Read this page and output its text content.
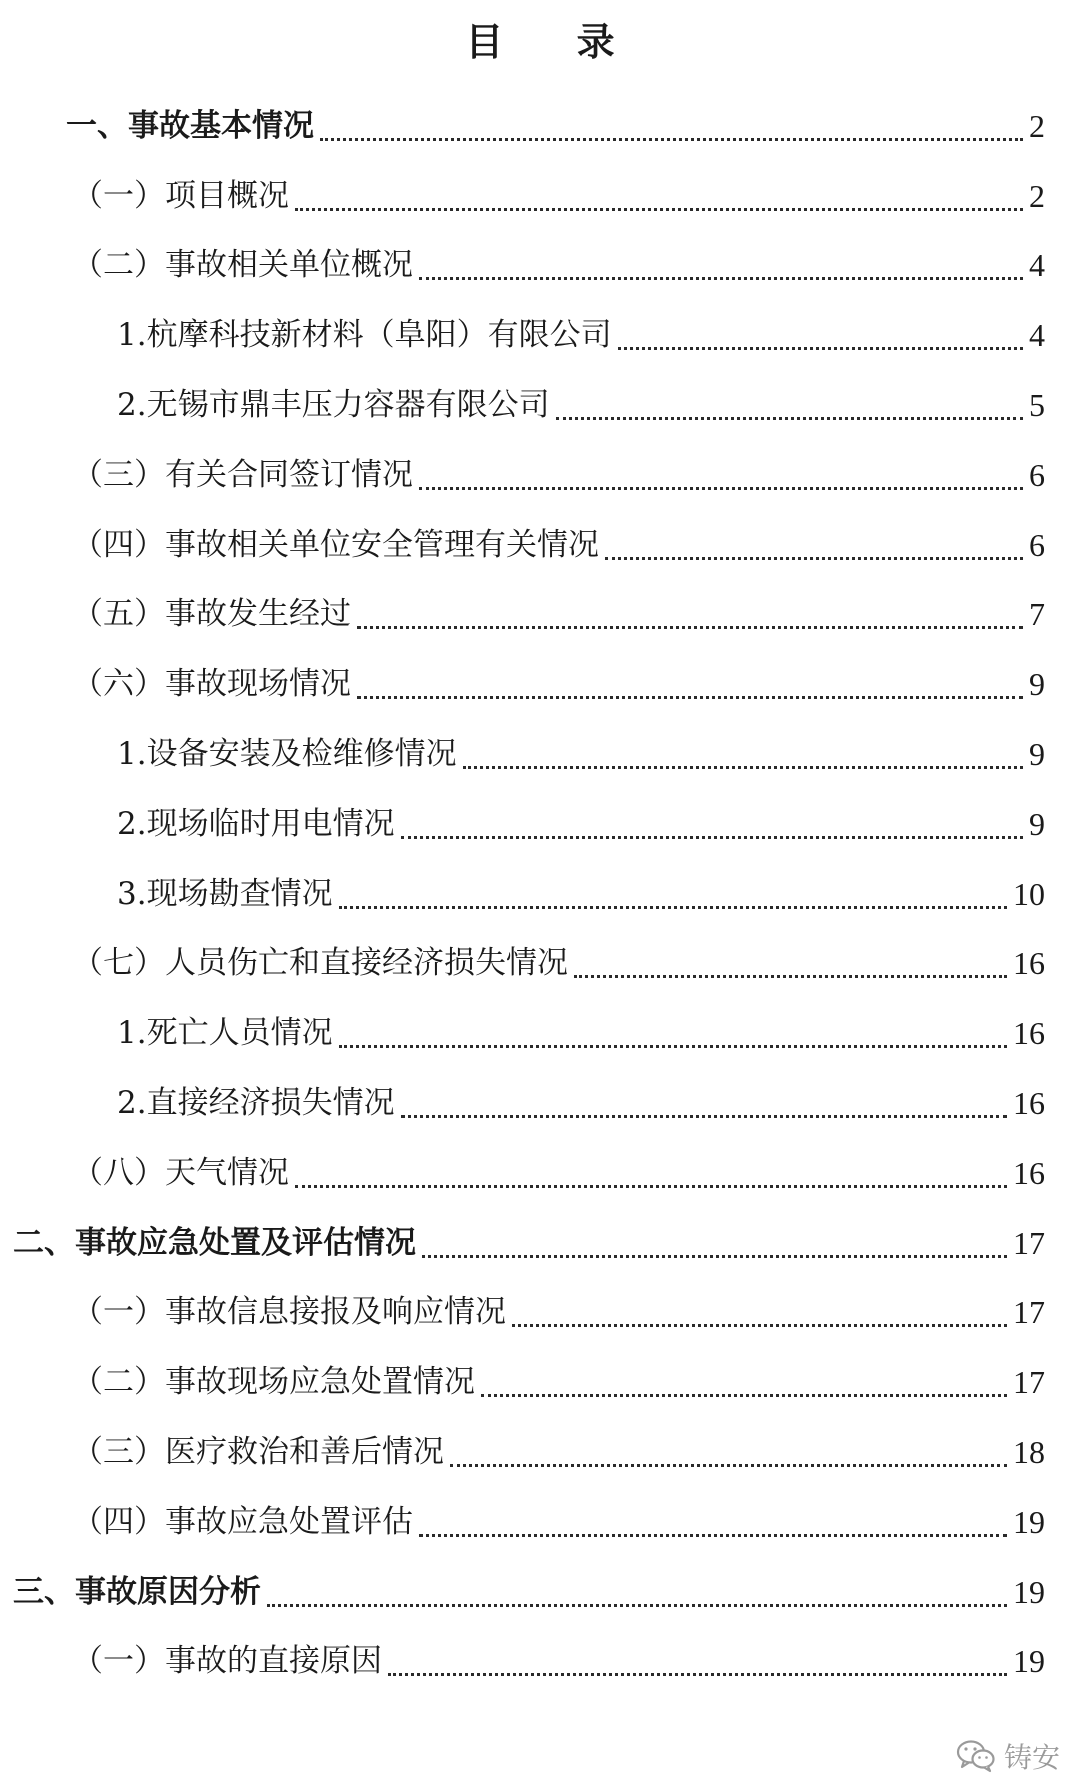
目 录
一、事故基本情况	2
（一）项目概况	2
（二）事故相关单位概况	4
1.杭摩科技新材料（阜阳）有限公司	4
2.无锡市鼎丰压力容器有限公司	5
（三）有关合同签订情况	6
（四）事故相关单位安全管理有关情况	6
（五）事故发生经过	7
（六）事故现场情况	9
1.设备安装及检维修情况	9
2.现场临时用电情况	9
3.现场勘查情况	10
（七）人员伤亡和直接经济损失情况	16
1.死亡人员情况	16
2.直接经济损失情况	16
（八）天气情况	16
二、事故应急处置及评估情况	17
（一）事故信息接报及响应情况	17
（二）事故现场应急处置情况	17
（三）医疗救治和善后情况	18
（四）事故应急处置评估	19
三、事故原因分析	19
（一）事故的直接原因	19
铸安
